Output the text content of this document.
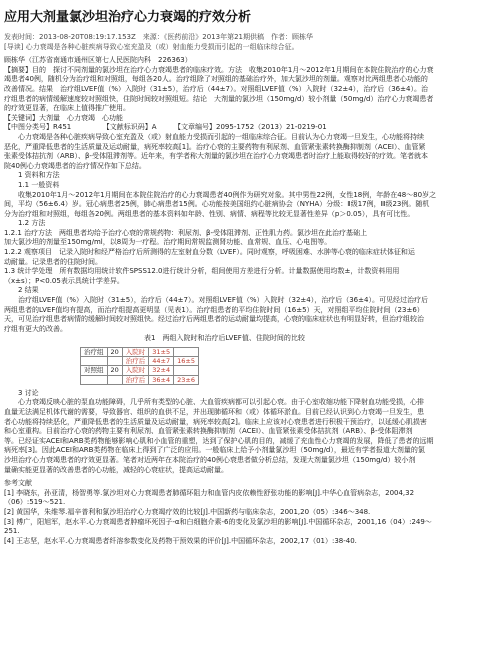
应用大剂量氯沙坦治疗心力衰竭的疗效分析

发表时间：2013-08-20T08:19:17.153Z　来源：《医药前沿》2013年第21期供稿　作者：顾栋华

[导读] 心力衰竭是各种心脏疾病导致心室充盈及（或）射血能力受损而引起的一组临床综合征。

顾栋华（江苏省南通市通州区第七人民医院内科　226363）

【摘要】目的　探讨不同剂量的氯沙坦在治疗心力衰竭患者的临床疗效。方法　收集2010年1月～2012年1月期间在本院住院治疗的心力衰

竭患者40例，随机分为治疗组和对照组，每组各20人。治疗组除了对照组的基础治疗外，加大氯沙坦的剂量。观察对比两组患者心功能的

改善情况。结果　治疗组LVEF值（%）入院时（31±5），治疗后（44±7）。对照组LVEF值（%）入院时（32±4），治疗后（36±4）。治

疗组患者的病情缓解速度较对照组快，住院时间较对照组短。结论　大剂量的氯沙坦（150mg/d）较小剂量（50mg/d）治疗心力衰竭患者

的疗效更显著，在临床上值得推广使用。

【关键词】大剂量　心力衰竭　心功能

【中图分类号】R451　　　　　【文献标识码】A　　　【文章编号】2095-1752（2013）21-0219-01

心力衰竭是各种心脏疾病导致心室充盈及（或）射血能力受损而引起的一组临床综合征。目前认为心力衰竭一旦发生，心功能将持续

恶化，严重降低患者的生活质量及运动耐量，病死率较高[1]。治疗心衰的主要药物有利尿剂、血管紧张素转换酶抑制剂（ACEI）、血管紧

张素受体拮抗剂（ARB）、β-受体阻滞剂等。近年来，有学者称大剂量的氯沙坦在治疗心力衰竭患者时治疗上能取得较好的疗效。笔者就本

院40例心力衰竭患者的治疗情况作如下总结。

1 资料和方法

1.1 一般资料

收集2010年1月～2012年1月期间在本院住院治疗的心力衰竭患者40例作为研究对象。其中男性22例，女性18例，年龄在48～80岁之

间，平均（56±6.4）岁。冠心病患者25例，肺心病患者15例。心功能按美国纽约心脏病协会（NYHA）分级：Ⅱ级17例，Ⅲ级23例。随机

分为治疗组和对照组，每组各20例。两组患者的基本资料如年龄、性别、病情、病程等比较无显著性差异（p＞0.05），具有可比性。

1.2 方法

1.2.1 治疗方法　两组患者均给予治疗心衰的常规药物：利尿剂、β-受体阻滞剂、正性肌力药。氯沙坦在此治疗基础上

加大氯沙坦的剂量至150mg/ml，以8周为一疗程。治疗期间常规监测肾功能、血常规、血压、心电图等。

1.2.2 观察项目　记录入院时和经严格治疗后所测得的左室射血分数（LVEF）。同时观察，呼吸困难、水肿等心衰的临床症状体征和运

动耐量。记录患者的住院时间。

1.3 统计学处理　所有数据均用统计软件SPSS12.0进行统计分析，组间使用方差进行分析。计量数据使用均数±，计数资料用用

（x±s）；P<0.05表示具统计学差异。

2 结果

治疗组LVEF值（%）入院时（31±5），治疗后（44±7）。对照组LVEF值（%）入院时（32±4），治疗后（36±4）。可见经过治疗后

两组患者的LVEF值均有提高，而治疗组提高更明显（见表1）。治疗组患者的平均住院时间（16±5）天，对照组平均住院时间（23±6）

天，可见治疗组患者病情的缓解时间较对照组快。经过治疗后两组患者的运动耐量均提高，心衰的临床症状也有明显好转，但治疗组较治

疗组有更大的改善。

表1　两组入院时和治疗后LVEF值、住院时间的比较

治疗组	20	入院时	31±5	
		治疗后	44±7	16±5
对照组	20	入院时	32±4	
		治疗后	36±4	23±6

3 讨论

心力衰竭反映心脏的泵血功能障碍，几乎所有类型的心脏、大血管疾病都可以引起心衰。由于心室收缩功能下降射血功能受损，心排

血量无法满足机体代谢的需要，导致器官、组织的血供不足，并出现肺循环和（或）体循环淤血。目前已经认识到心力衰竭一旦发生，患

者心功能将持续恶化，严重降低患者的生活质量及运动耐量，病死率较高[2]。临床上应该对心衰患者进行积极干预治疗，以延缓心肌损害

和心室重构。目前治疗心衰的药物主要有利尿剂、血管紧张素转换酶抑制剂（ACEI）、血管紧张素受体拮抗剂（ARB）、β-受体阻滞剂

等。已经证实ACEI和ARB类药物能够影响心肌和小血管的重塑，达到了保护心肌的目的，减缓了充血性心力衰竭的发展，降低了患者的远期

病死率[3]。因此ACEI和ARB类药物在临床上得到了广泛的应用。一般临床上给予小剂量氯沙坦（50mg/d），最近有学者报道大剂量的氯

沙坦治疗心力衰竭患者的疗效更显著。笔者对近两年在本院治疗的40例心衰患者做分析总结，发现大剂量氯沙坦（150mg/d）较小剂

量确实能更显著的改善患者的心功能，减轻的心衰症状，提高运动耐量。

参考文献

[1] 李晓东，孙亚清，杨智勇等.氯沙坦对心力衰竭患者肺循环阻力和血管内皮依赖性舒张功能的影响[J].中华心血管病杂志，2004,32

（06）:519～521.

[2] 黄国华，朱维琴.福辛普利和氯沙坦治疗心力衰竭疗效的比较[J].中国新药与临床杂志，2001,20（05）:346～348.

[3] 傅广，阳旭军，赵水平.心力衰竭患者肿瘤坏死因子-α和白细胞介素-6的变化及氯沙坦的影响[J].中国循环杂志，2001,16（04）:249～

251.

[4] 王志坚，赵水平.心力衰竭患者纤溶参数变化及药物干预效果的评价[J].中国循环杂志，2002,17（01）:38-40.
